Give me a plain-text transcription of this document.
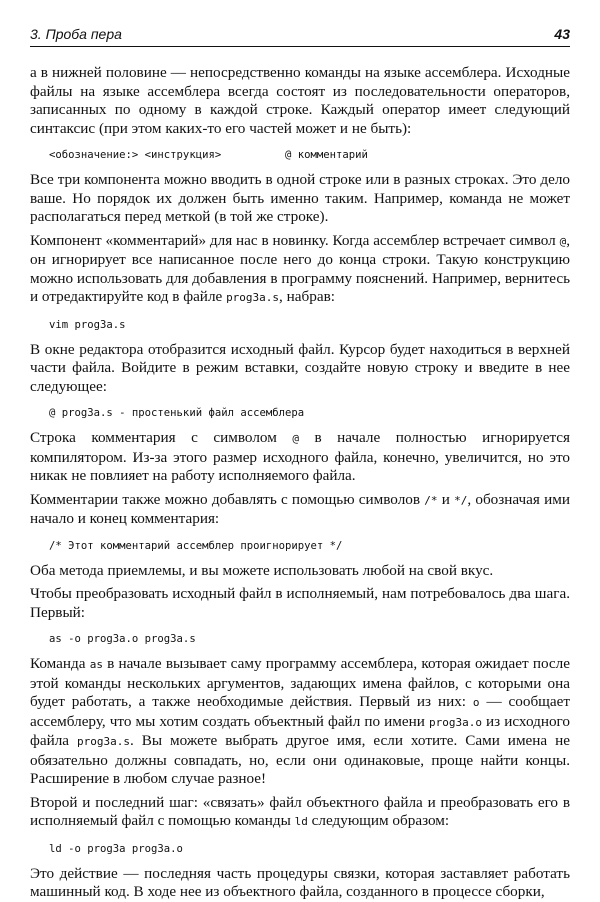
3. Проба пера	43

а в нижней половине — непосредственно команды на языке ассемблера. Исходные файлы на языке ассемблера всегда состоят из последовательности операторов, записанных по одному в каждой строке. Каждый оператор имеет следующий синтаксис (при этом каких-то его частей может и не быть):

<обозначение:> <инструкция>          @ комментарий

Все три компонента можно вводить в одной строке или в разных строках. Это дело ваше. Но порядок их должен быть именно таким. Например, команда не может располагаться перед меткой (в той же строке).

Компонент «комментарий» для нас в новинку. Когда ассемблер встречает символ @, он игнорирует все написанное после него до конца строки. Такую конструкцию можно использовать для добавления в программу пояснений. Например, вернитесь и отредактируйте код в файле prog3a.s, набрав:

vim prog3a.s

В окне редактора отобразится исходный файл. Курсор будет находиться в верхней части файла. Войдите в режим вставки, создайте новую строку и введите в нее следующее:

@ prog3a.s - простенький файл ассемблера

Строка комментария с символом @ в начале полностью игнорируется компилятором. Из-за этого размер исходного файла, конечно, увеличится, но это никак не повлияет на работу исполняемого файла.

Комментарии также можно добавлять с помощью символов /* и */, обозначая ими начало и конец комментария:

/* Этот комментарий ассемблер проигнорирует */

Оба метода приемлемы, и вы можете использовать любой на свой вкус.

Чтобы преобразовать исходный файл в исполняемый, нам потребовалось два шага. Первый:

as -o prog3a.o prog3a.s

Команда as в начале вызывает саму программу ассемблера, которая ожидает после этой команды нескольких аргументов, задающих имена файлов, с которыми она будет работать, а также необходимые действия. Первый из них: o — сообщает ассемблеру, что мы хотим создать объектный файл по имени prog3a.o из исходного файла prog3a.s. Вы можете выбрать другое имя, если хотите. Сами имена не обязательно должны совпадать, но, если они одинаковые, проще найти концы. Расширение в любом случае разное!

Второй и последний шаг: «связать» файл объектного файла и преобразовать его в исполняемый файл с помощью команды ld следующим образом:

ld -o prog3a prog3a.o

Это действие — последняя часть процедуры связки, которая заставляет работать машинный код. В ходе нее из объектного файла, созданного в процессе сборки,
